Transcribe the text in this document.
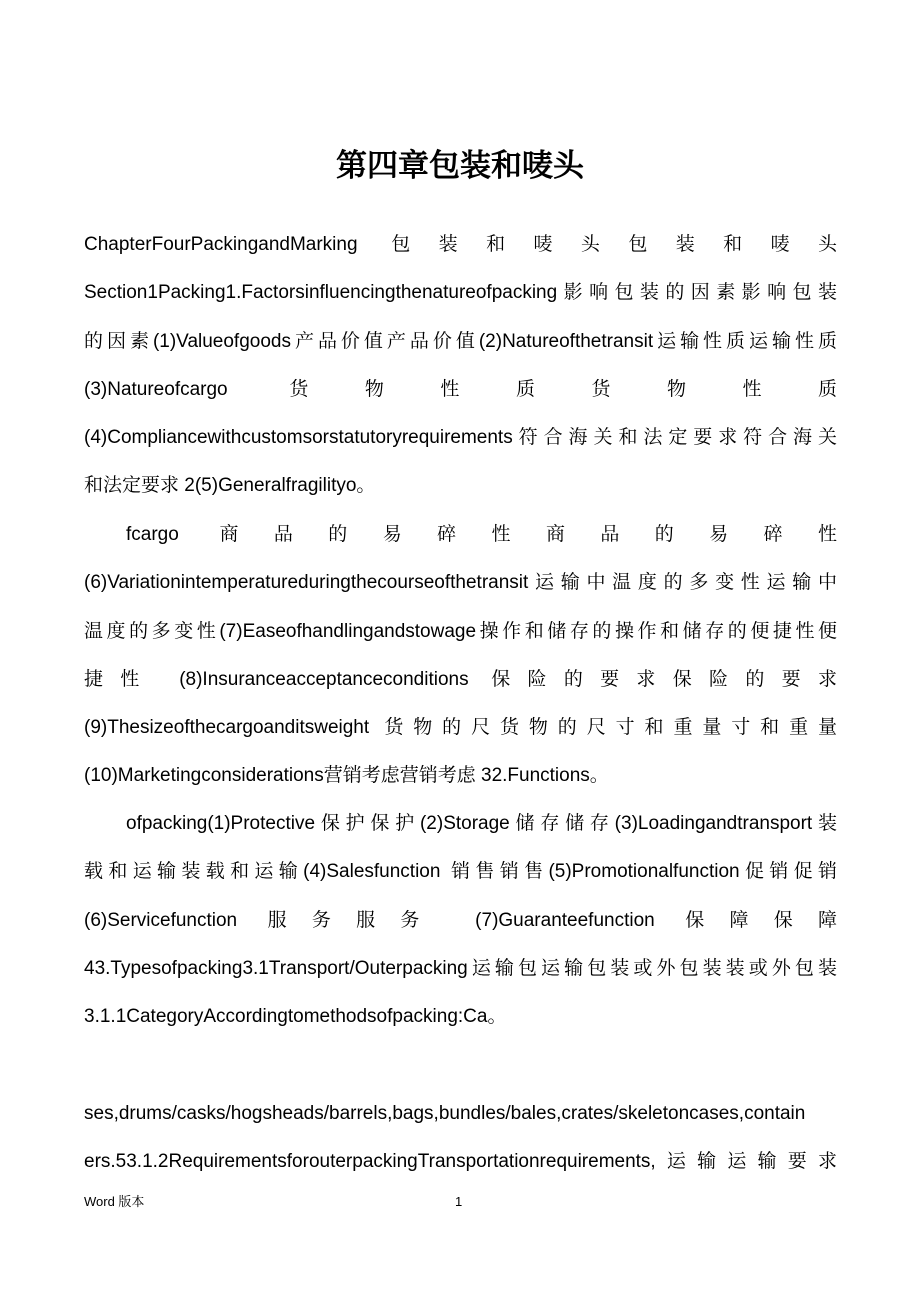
第四章包装和唛头
ChapterFourPackingandMarking 包装和唛头包装和唛头
Section1Packing1.Factorsinfluencingthenatureofpacking影响包装的因素影响包装
的因素(1)Valueofgoods产品价值产品价值(2)Natureofthetransit运输性质运输性质
(3)Natureofcargo 货物性质货物性质
(4)Compliancewithcustomsorstatutoryrequirements符合海关和法定要求符合海关
和法定要求 2(5)Generalfragilityo。
fcargo 商品的易碎性商品的易碎性
(6)Variationintemperatureduringthecourseofthetransit运输中温度的多变性运输中
温度的多变性(7)Easeofhandlingandstowage操作和储存的操作和储存的便捷性便
捷性 (8)Insuranceacceptanceconditions 保险的要求保险的要求
(9)Thesizeofthecargoanditsweight 货物的尺货物的尺寸和重量寸和重量
(10)Marketingconsiderations营销考虑营销考虑 32.Functions。
ofpacking(1)Protective保护保护(2)Storage储存储存(3)Loadingandtransport装
载和运输装载和运输(4)Salesfunction 销售销售(5)Promotionalfunction促销促销
(6)Servicefunction 服务服务 (7)Guaranteefunction 保障保障
43.Typesofpacking3.1Transport/Outerpacking运输包运输包装或外包装装或外包装
3.1.1CategoryAccordingtomethodsofpacking:Ca。
ses,drums/casks/hogsheads/barrels,bags,bundles/bales,crates/skeletoncases,contain
ers.53.1.2RequirementsforouterpackingTransportationrequirements,运输运输要求
Word 版本	1
